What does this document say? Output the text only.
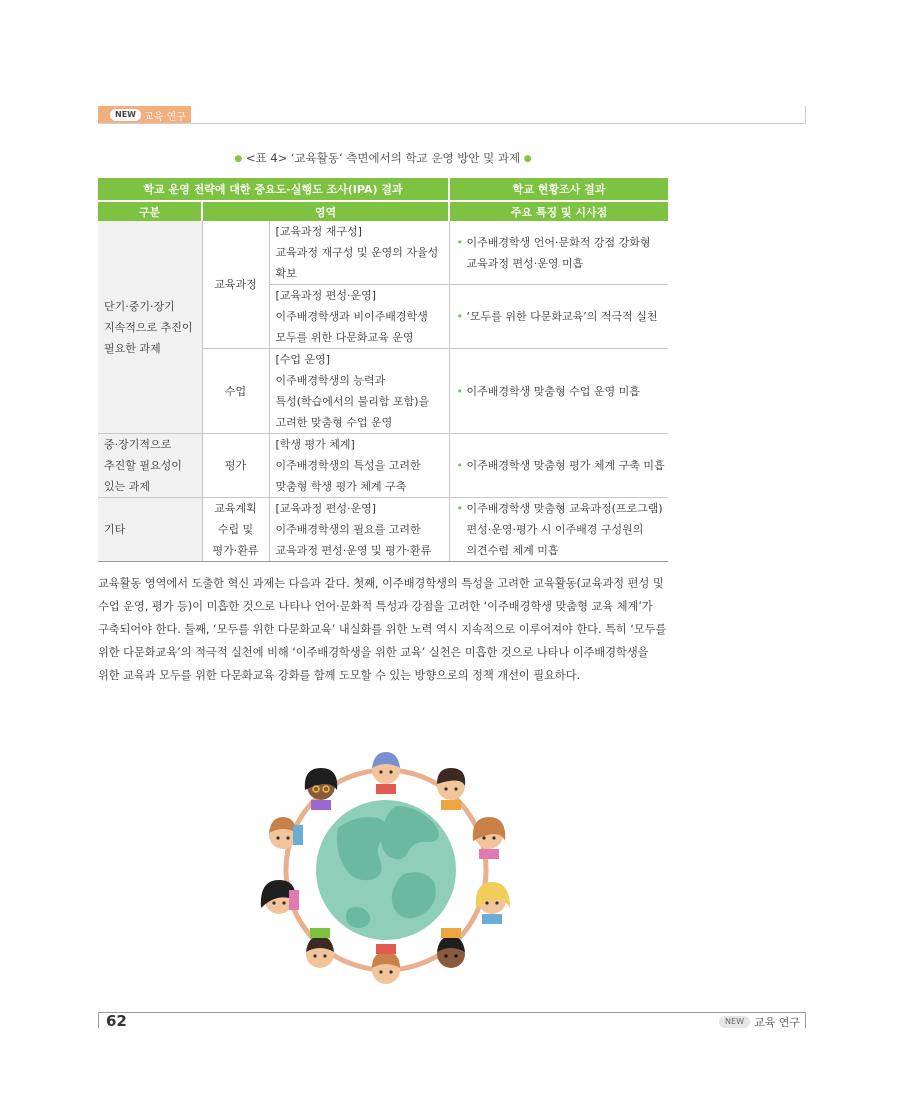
NEW 교육 연구
● <표 4> ‘교육활동’ 측면에서의 학교 운영 방안 및 과제 ●
학교 운영 전략에 대한 중요도-실행도 조사(IPA) 결과			학교 현황조사 결과
구분	영역		주요 특징 및 시사점

단기·중기·장기
지속적으로 추진이
필요한 과제	교육과정	[교육과정 재구성]
교육과정 재구성 및 운영의 자율성
확보	• 이주배경학생 언어·문화적 강점 강화형
교육과정 편성·운영 미흡

		[교육과정 편성·운영]
이주배경학생과 비이주배경학생
모두를 위한 다문화교육 운영	• ‘모두를 위한 다문화교육’의 적극적 실천

	수업	[수업 운영]
이주배경학생의 능력과
특성(학습에서의 불리함 포함)을
고려한 맞춤형 수업 운영	• 이주배경학생 맞춤형 수업 운영 미흡

중·장기적으로
추진할 필요성이
있는 과제	평가	[학생 평가 체계]
이주배경학생의 특성을 고려한
맞춤형 학생 평가 체계 구축	• 이주배경학생 맞춤형 평가 체계 구축 미흡

기타	교육계획
수립 및
평가·환류	[교육과정 편성·운영]
이주배경학생의 필요를 고려한
교육과정 편성·운영 및 평가·환류	• 이주배경학생 맞춤형 교육과정(프로그램)
편성·운영·평가 시 이주배경 구성원의
의견수렴 체계 미흡
교육활동 영역에서 도출한 혁신 과제는 다음과 같다. 첫째, 이주배경학생의 특성을 고려한 교육활동(교육과정 편성 및
수업 운영, 평가 등)이 미흡한 것으로 나타나 언어·문화적 특성과 강점을 고려한 ‘이주배경학생 맞춤형 교육 체계’가
구축되어야 한다. 둘째, ‘모두를 위한 다문화교육’ 내실화를 위한 노력 역시 지속적으로 이루어져야 한다. 특히 ‘모두를
위한 다문화교육’의 적극적 실천에 비해 ‘이주배경학생을 위한 교육’ 실천은 미흡한 것으로 나타나 이주배경학생을
위한 교육과 모두를 위한 다문화교육 강화를 함께 도모할 수 있는 방향으로의 정책 개선이 필요하다.
62	NEW 교육 연구
